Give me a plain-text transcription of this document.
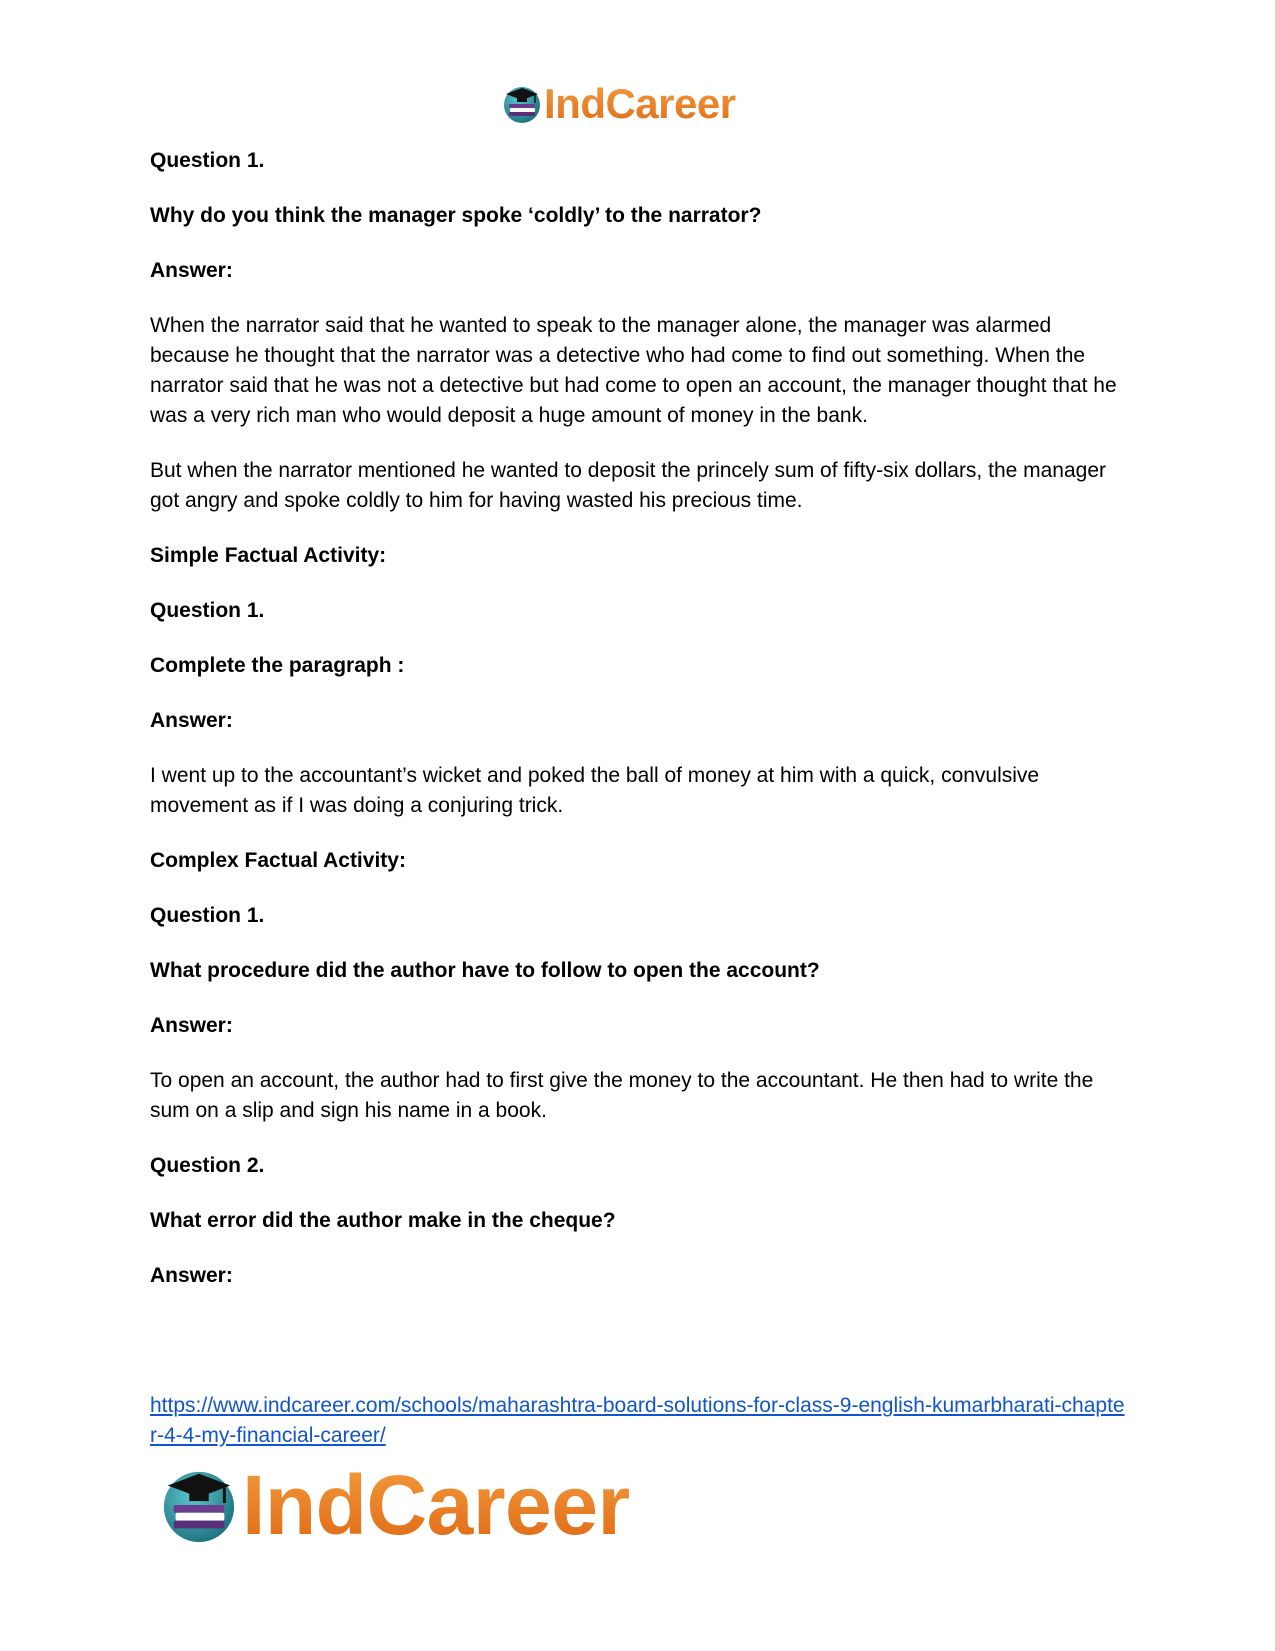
IndCareer

Question 1.

Why do you think the manager spoke ‘coldly’ to the narrator?

Answer:

When the narrator said that he wanted to speak to the manager alone, the manager was alarmed because he thought that the narrator was a detective who had come to find out something. When the narrator said that he was not a detective but had come to open an account, the manager thought that he was a very rich man who would deposit a huge amount of money in the bank.

But when the narrator mentioned he wanted to deposit the princely sum of fifty-six dollars, the manager got angry and spoke coldly to him for having wasted his precious time.

Simple Factual Activity:

Question 1.

Complete the paragraph :

Answer:

I went up to the accountant’s wicket and poked the ball of money at him with a quick, convulsive movement as if I was doing a conjuring trick.

Complex Factual Activity:

Question 1.

What procedure did the author have to follow to open the account?

Answer:

To open an account, the author had to first give the money to the accountant. He then had to write the sum on a slip and sign his name in a book.

Question 2.

What error did the author make in the cheque?

Answer:

https://www.indcareer.com/schools/maharashtra-board-solutions-for-class-9-english-kumarbharati-chapter-4-4-my-financial-career/
IndCareer
